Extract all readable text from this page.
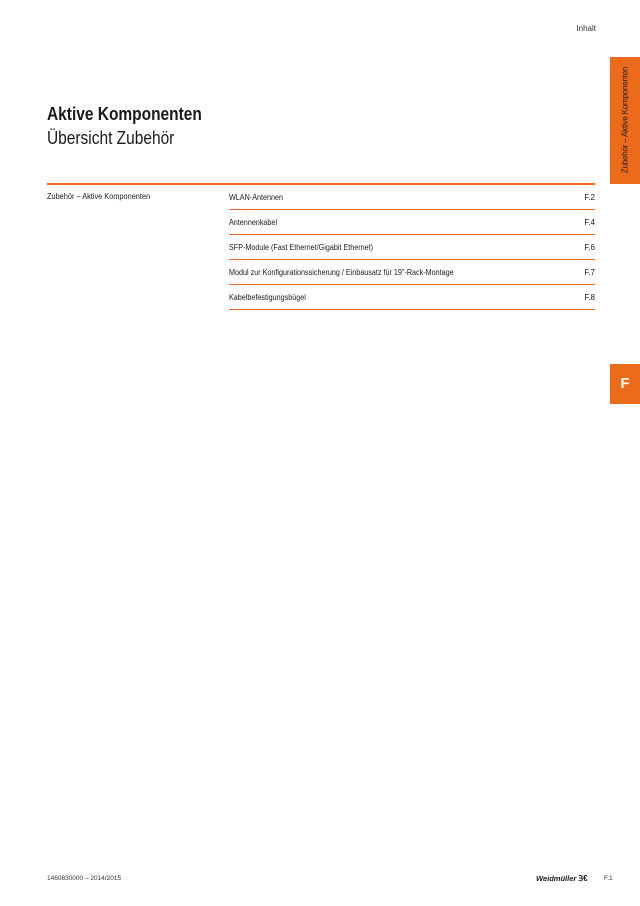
Inhalt
Zubehör – Aktive Komponenten
F
Aktive Komponenten
Übersicht Zubehör
Zubehör – Aktive Komponenten	WLAN-Antennen	F.2
Antennenkabel	F.4
SFP-Module (Fast Ethernet/Gigabit Ethernet)	F.6
Modul zur Konfigurationssicherung / Einbausatz für 19"-Rack-Montage	F.7
Kabelbefestigungsbügel	F.8
1460830000 – 2014/2015	Weidmüller Ɜ€	F.1
